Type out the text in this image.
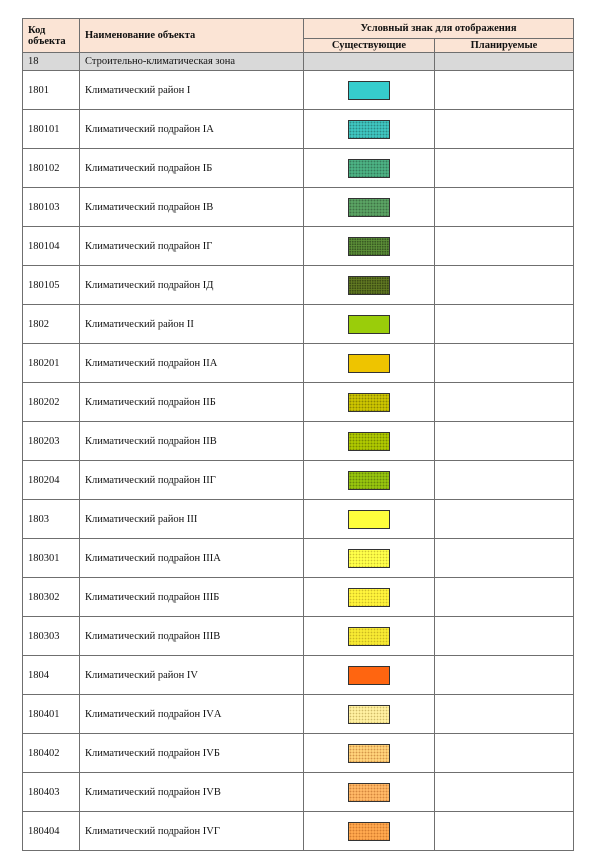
Код объекта	Наименование объекта	Условный знак для отображения	
		Существующие	Планируемые
18	Строительно-климатическая зона		
1801	Климатический район I		
180101	Климатический подрайон IА		
180102	Климатический подрайон IБ		
180103	Климатический подрайон IВ		
180104	Климатический подрайон IГ		
180105	Климатический подрайон IД		
1802	Климатический район II		
180201	Климатический подрайон IIА		
180202	Климатический подрайон IIБ		
180203	Климатический подрайон IIВ		
180204	Климатический подрайон IIГ		
1803	Климатический район III		
180301	Климатический подрайон IIIА		
180302	Климатический подрайон IIIБ		
180303	Климатический подрайон IIIВ		
1804	Климатический район IV		
180401	Климатический подрайон IVА		
180402	Климатический подрайон IVБ		
180403	Климатический подрайон IVВ		
180404	Климатический подрайон IVГ		
